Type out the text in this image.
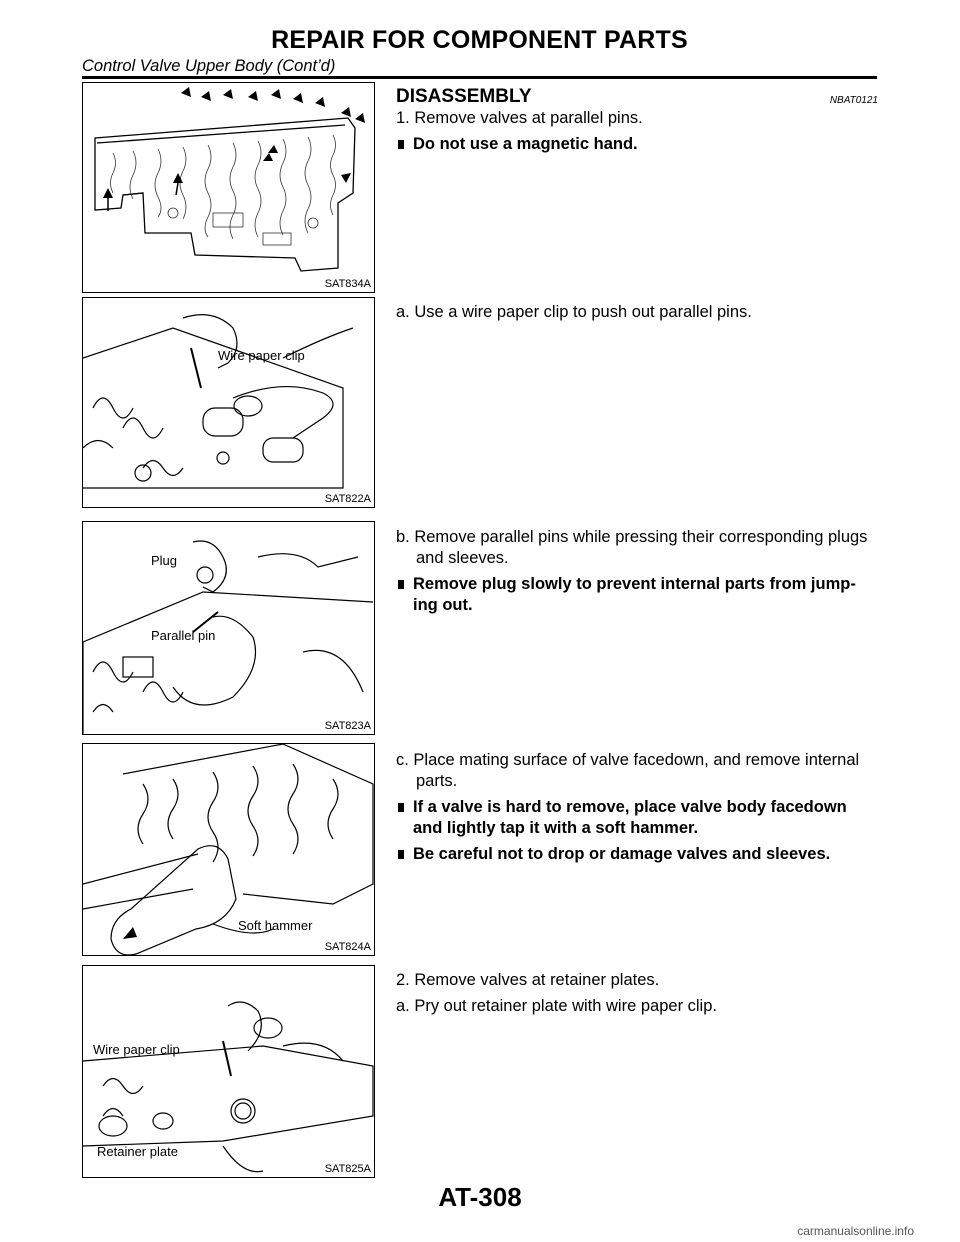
REPAIR FOR COMPONENT PARTS
Control Valve Upper Body (Cont’d)
SAT834A
Wire paper clip
SAT822A
Plug
Parallel pin
SAT823A
Soft hammer
SAT824A
Wire paper clip
Retainer plate
SAT825A
DISASSEMBLY	NBAT0121

1. Remove valves at parallel pins.

Do not use a magnetic hand.

a. Use a wire paper clip to push out parallel pins.

b. Remove parallel pins while pressing their corresponding plugs and sleeves.

Remove plug slowly to prevent internal parts from jump- ing out.

c. Place mating surface of valve facedown, and remove internal parts.

If a valve is hard to remove, place valve body facedown and lightly tap it with a soft hammer.

Be careful not to drop or damage valves and sleeves.

2. Remove valves at retainer plates.

a. Pry out retainer plate with wire paper clip.

AT-308
carmanualsonline.info
